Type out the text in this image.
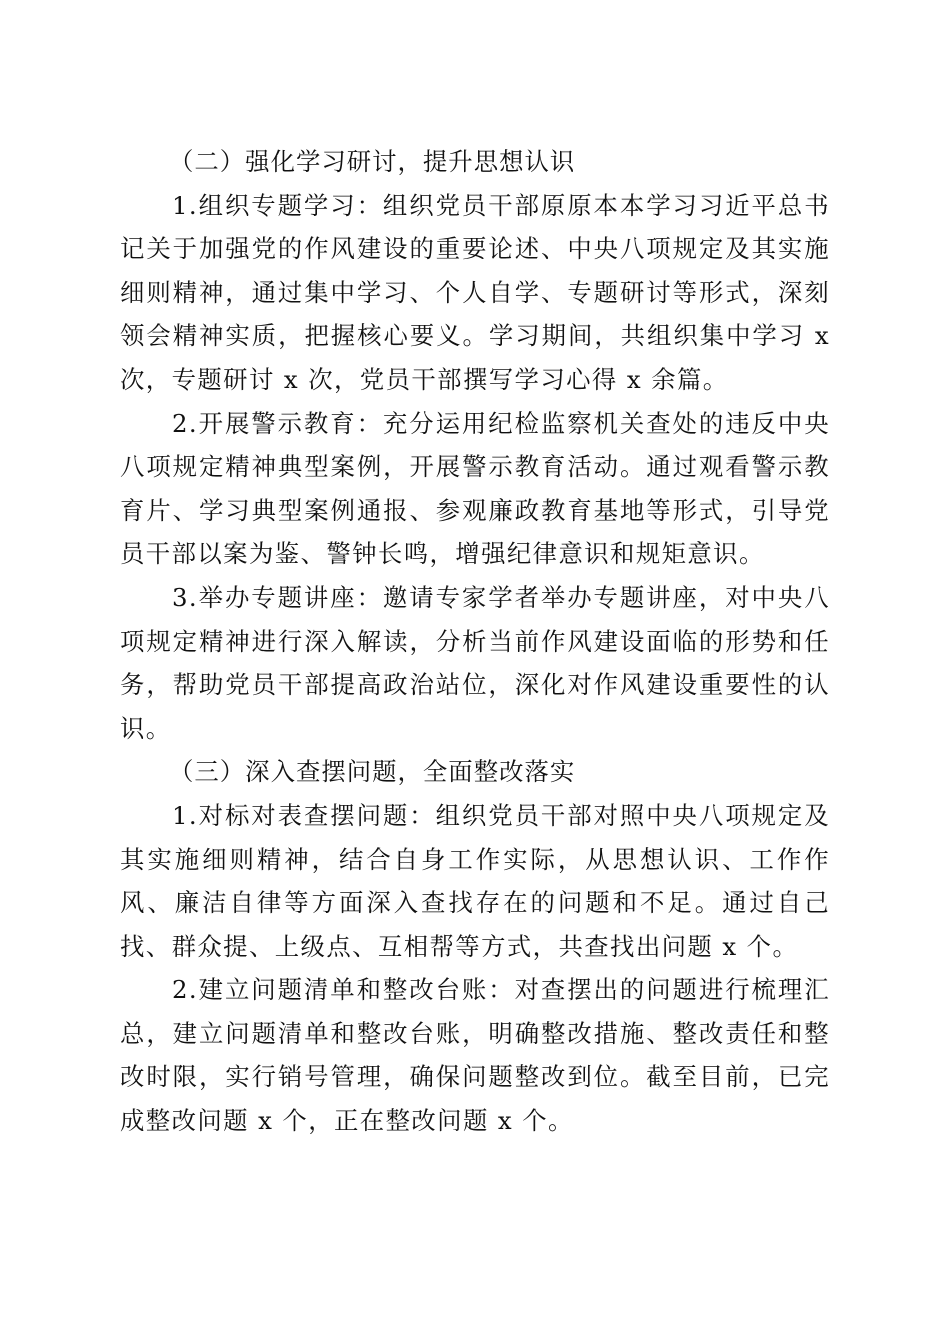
（二）强化学习研讨，提升思想认识

1.组织专题学习：组织党员干部原原本本学习习近平总书记关于加强党的作风建设的重要论述、中央八项规定及其实施细则精神，通过集中学习、个人自学、专题研讨等形式，深刻领会精神实质，把握核心要义。学习期间，共组织集中学习 x次，专题研讨 x 次，党员干部撰写学习心得 x 余篇。

2.开展警示教育：充分运用纪检监察机关查处的违反中央八项规定精神典型案例，开展警示教育活动。通过观看警示教育片、学习典型案例通报、参观廉政教育基地等形式，引导党员干部以案为鉴、警钟长鸣，增强纪律意识和规矩意识。

3.举办专题讲座：邀请专家学者举办专题讲座，对中央八项规定精神进行深入解读，分析当前作风建设面临的形势和任务，帮助党员干部提高政治站位，深化对作风建设重要性的认识。

（三）深入查摆问题，全面整改落实

1.对标对表查摆问题：组织党员干部对照中央八项规定及其实施细则精神，结合自身工作实际，从思想认识、工作作风、廉洁自律等方面深入查找存在的问题和不足。通过自己找、群众提、上级点、互相帮等方式，共查找出问题 x 个。

2.建立问题清单和整改台账：对查摆出的问题进行梳理汇总，建立问题清单和整改台账，明确整改措施、整改责任和整改时限，实行销号管理，确保问题整改到位。截至目前，已完成整改问题 x 个，正在整改问题 x 个。
